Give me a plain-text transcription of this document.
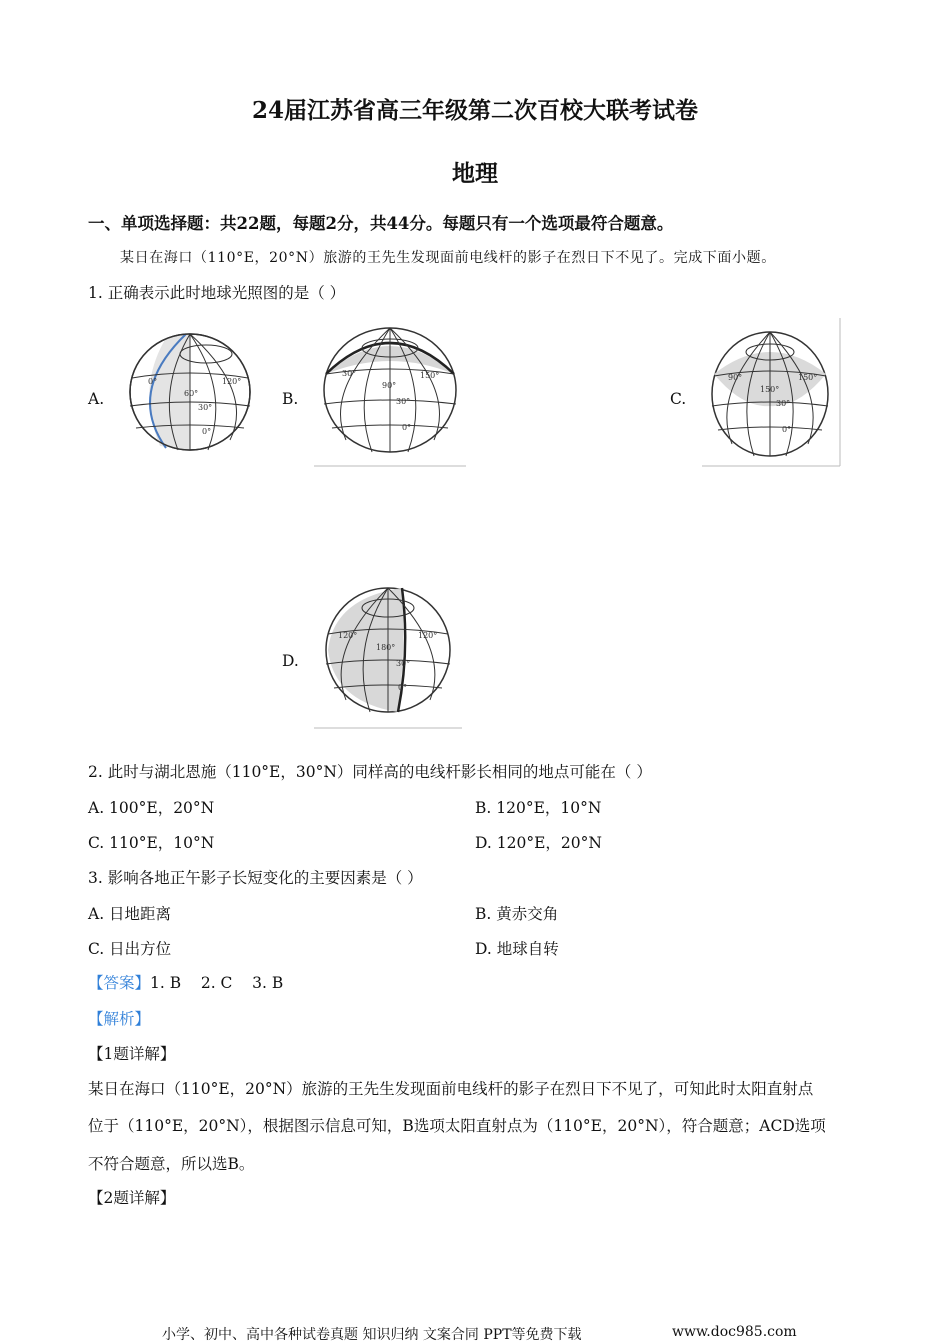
24届江苏省高三年级第二次百校大联考试卷
地理
一、单项选择题：共22题，每题2分，共44分。每题只有一个选项最符合题意。
某日在海口（110°E，20°N）旅游的王先生发现面前电线杆的影子在烈日下不见了。完成下面小题。
1. 正确表示此时地球光照图的是（ ）
A.
0°
60°
120°
30°
0°
B.
30°
90°
150°
30°
0°
C.
90°
150°
150°
30°
0°
D.
120°
180°
120°
30°
0°
2. 此时与湖北恩施（110°E，30°N）同样高的电线杆影长相同的地点可能在（ ）
A. 100°E，20°N	B. 120°E，10°N
C. 110°E，10°N	D. 120°E，20°N
3. 影响各地正午影子长短变化的主要因素是（ ）
A. 日地距离	B. 黄赤交角
C. 日出方位	D. 地球自转
【答案】1. B    2. C    3. B
【解析】
【1题详解】
某日在海口（110°E，20°N）旅游的王先生发现面前电线杆的影子在烈日下不见了，可知此时太阳直射点
位于（110°E，20°N），根据图示信息可知，B选项太阳直射点为（110°E，20°N），符合题意；ACD选项
不符合题意，所以选B。
【2题详解】
小学、初中、高中各种试卷真题 知识归纳 文案合同 PPT等免费下载	www.doc985.com
